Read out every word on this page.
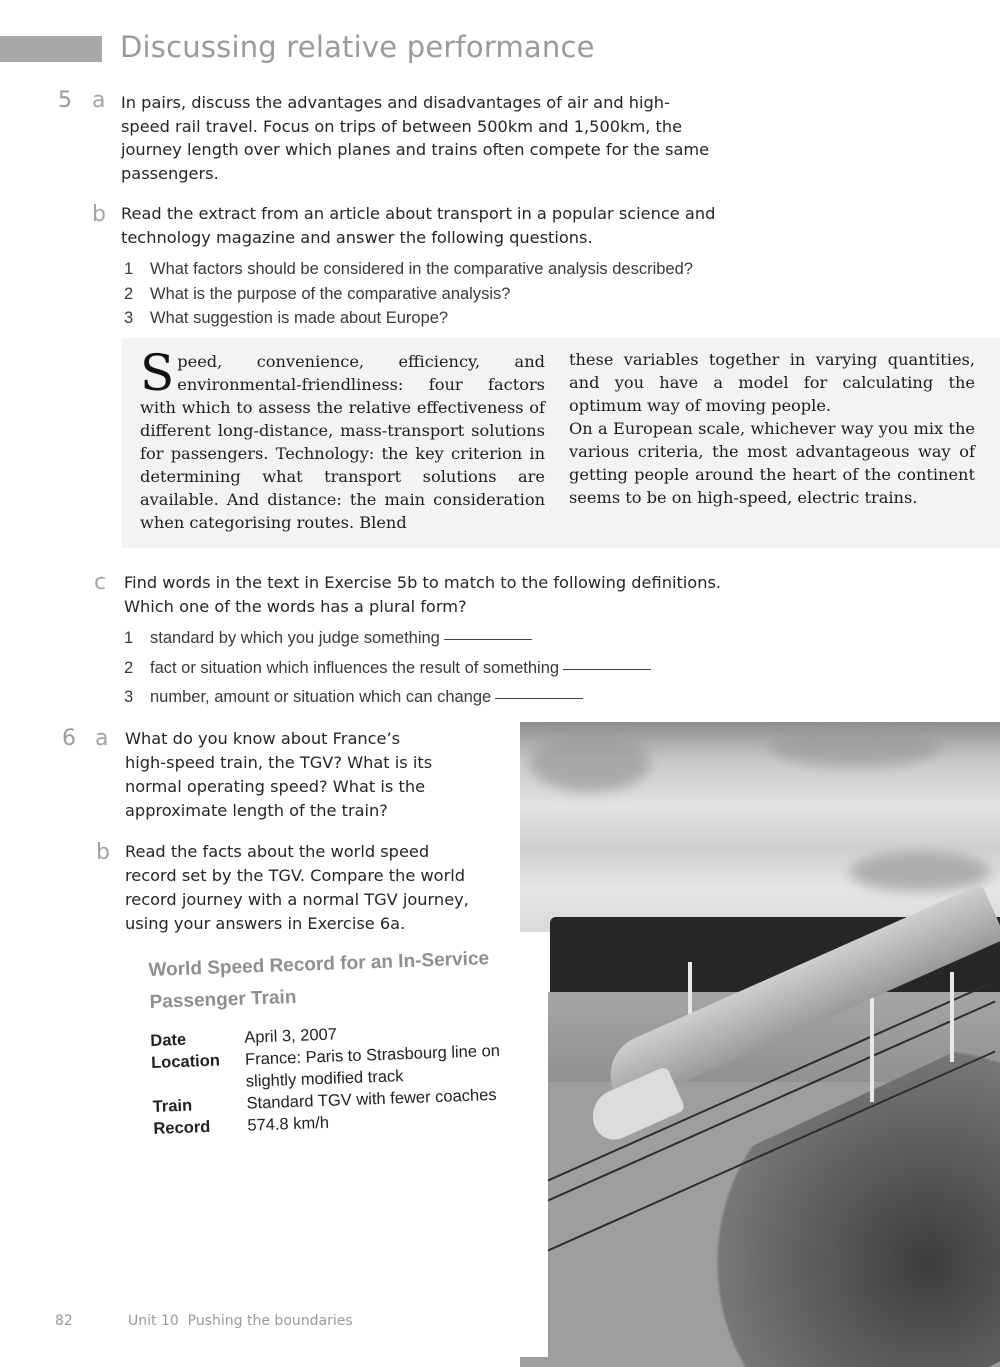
Discussing relative performance
5 a In pairs, discuss the advantages and disadvantages of air and high-
speed rail travel. Focus on trips of between 500km and 1,500km, the
journey length over which planes and trains often compete for the same
passengers.
b Read the extract from an article about transport in a popular science and
technology magazine and answer the following questions.
1 What factors should be considered in the comparative analysis described?
2 What is the purpose of the comparative analysis?
3 What suggestion is made about Europe?
Speed, convenience, efficiency, and environmental-friendliness: four factors with which to assess the relative effectiveness of different long-distance, mass-transport solutions for passengers. Technology: the key criterion in determining what transport solutions are available. And distance: the main consideration when categorising routes. Blend
these variables together in varying quantities, and you have a model for calculating the optimum way of moving people.
On a European scale, whichever way you mix the various criteria, the most advantageous way of getting people around the heart of the continent seems to be on high-speed, electric trains.
c Find words in the text in Exercise 5b to match to the following definitions.
Which one of the words has a plural form?
1 standard by which you judge something
2 fact or situation which influences the result of something
3 number, amount or situation which can change
6 a What do you know about France’s
high-speed train, the TGV? What is its
normal operating speed? What is the
approximate length of the train?
b Read the facts about the world speed
record set by the TGV. Compare the world
record journey with a normal TGV journey,
using your answers in Exercise 6a.
World Speed Record for an In-Service
Passenger Train
Date	April 3, 2007
Location	France: Paris to Strasbourg line on slightly modified track
Train	Standard TGV with fewer coaches
Record	574.8 km/h
82	Unit 10  Pushing the boundaries
